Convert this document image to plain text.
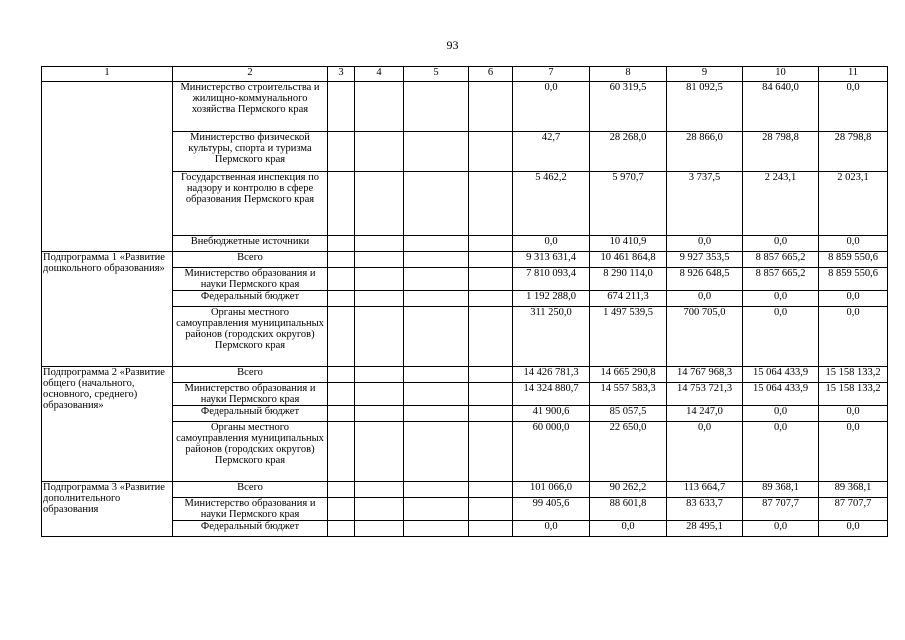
93
1	2	3	4	5	6	7	8	9	10	11
	Министерство строительства и жилищно-коммунального хозяйства Пермского края					0,0	60 319,5	81 092,5	84 640,0	0,0
	Министерство физической культуры, спорта и туризма Пермского края					42,7	28 268,0	28 866,0	28 798,8	28 798,8
	Государственная инспекция по надзору и контролю в сфере образования Пермского края					5 462,2	5 970,7	3 737,5	2 243,1	2 023,1
	Внебюджетные источники					0,0	10 410,9	0,0	0,0	0,0
Подпрограмма 1 «Развитие дошкольного образования»	Всего					9 313 631,4	10 461 864,8	9 927 353,5	8 857 665,2	8 859 550,6
	Министерство образования и науки Пермского края					7 810 093,4	8 290 114,0	8 926 648,5	8 857 665,2	8 859 550,6
	Федеральный бюджет					1 192 288,0	674 211,3	0,0	0,0	0,0
	Органы местного самоуправления муниципальных районов (городских округов) Пермского края					311 250,0	1 497 539,5	700 705,0	0,0	0,0
Подпрограмма 2 «Развитие общего (начального, основного, среднего) образования»	Всего					14 426 781,3	14 665 290,8	14 767 968,3	15 064 433,9	15 158 133,2
	Министерство образования и науки Пермского края					14 324 880,7	14 557 583,3	14 753 721,3	15 064 433,9	15 158 133,2
	Федеральный бюджет					41 900,6	85 057,5	14 247,0	0,0	0,0
	Органы местного самоуправления муниципальных районов (городских округов) Пермского края					60 000,0	22 650,0	0,0	0,0	0,0
Подпрограмма 3 «Развитие дополнительного образования	Всего					101 066,0	90 262,2	113 664,7	89 368,1	89 368,1
	Министерство образования и науки Пермского края					99 405,6	88 601,8	83 633,7	87 707,7	87 707,7
	Федеральный бюджет					0,0	0,0	28 495,1	0,0	0,0
